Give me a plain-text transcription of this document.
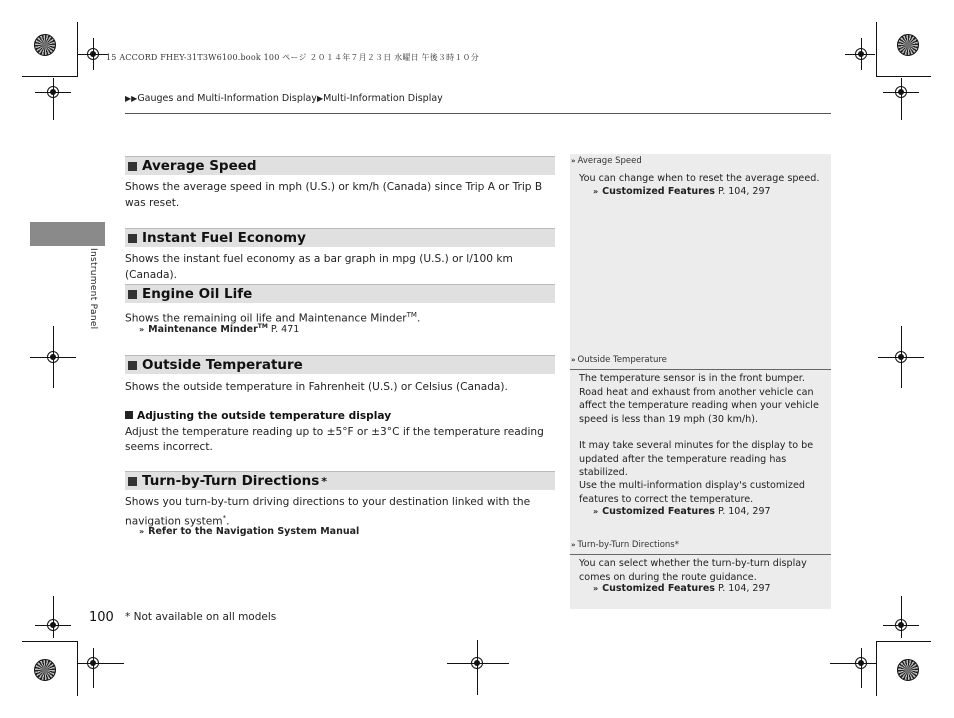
15 ACCORD FHEY-31T3W6100.book 100 ページ ２０１４年７月２３日 水曜日 午後３時１０分
▶▶Gauges and Multi-Information Display▶Multi-Information Display
Instrument Panel
Average Speed
Shows the average speed in mph (U.S.) or km/h (Canada) since Trip A or Trip B was reset.
Instant Fuel Economy
Shows the instant fuel economy as a bar graph in mpg (U.S.) or l/100 km (Canada).
Engine Oil Life
Shows the remaining oil life and Maintenance Minder™.
» Maintenance Minder™ P. 471
Outside Temperature
Shows the outside temperature in Fahrenheit (U.S.) or Celsius (Canada).
Adjusting the outside temperature display
Adjust the temperature reading up to ±5°F or ±3°C if the temperature reading seems incorrect.
Turn-by-Turn Directions *
Shows you turn-by-turn driving directions to your destination linked with the navigation system*.
» Refer to the Navigation System Manual
» Average Speed
You can change when to reset the average speed.
» Customized Features P. 104, 297
» Outside Temperature
The temperature sensor is in the front bumper. Road heat and exhaust from another vehicle can affect the temperature reading when your vehicle speed is less than 19 mph (30 km/h).
It may take several minutes for the display to be updated after the temperature reading has stabilized.
Use the multi-information display's customized features to correct the temperature.
» Customized Features P. 104, 297
» Turn-by-Turn Directions*
You can select whether the turn-by-turn display comes on during the route guidance.
» Customized Features P. 104, 297
100 * Not available on all models
